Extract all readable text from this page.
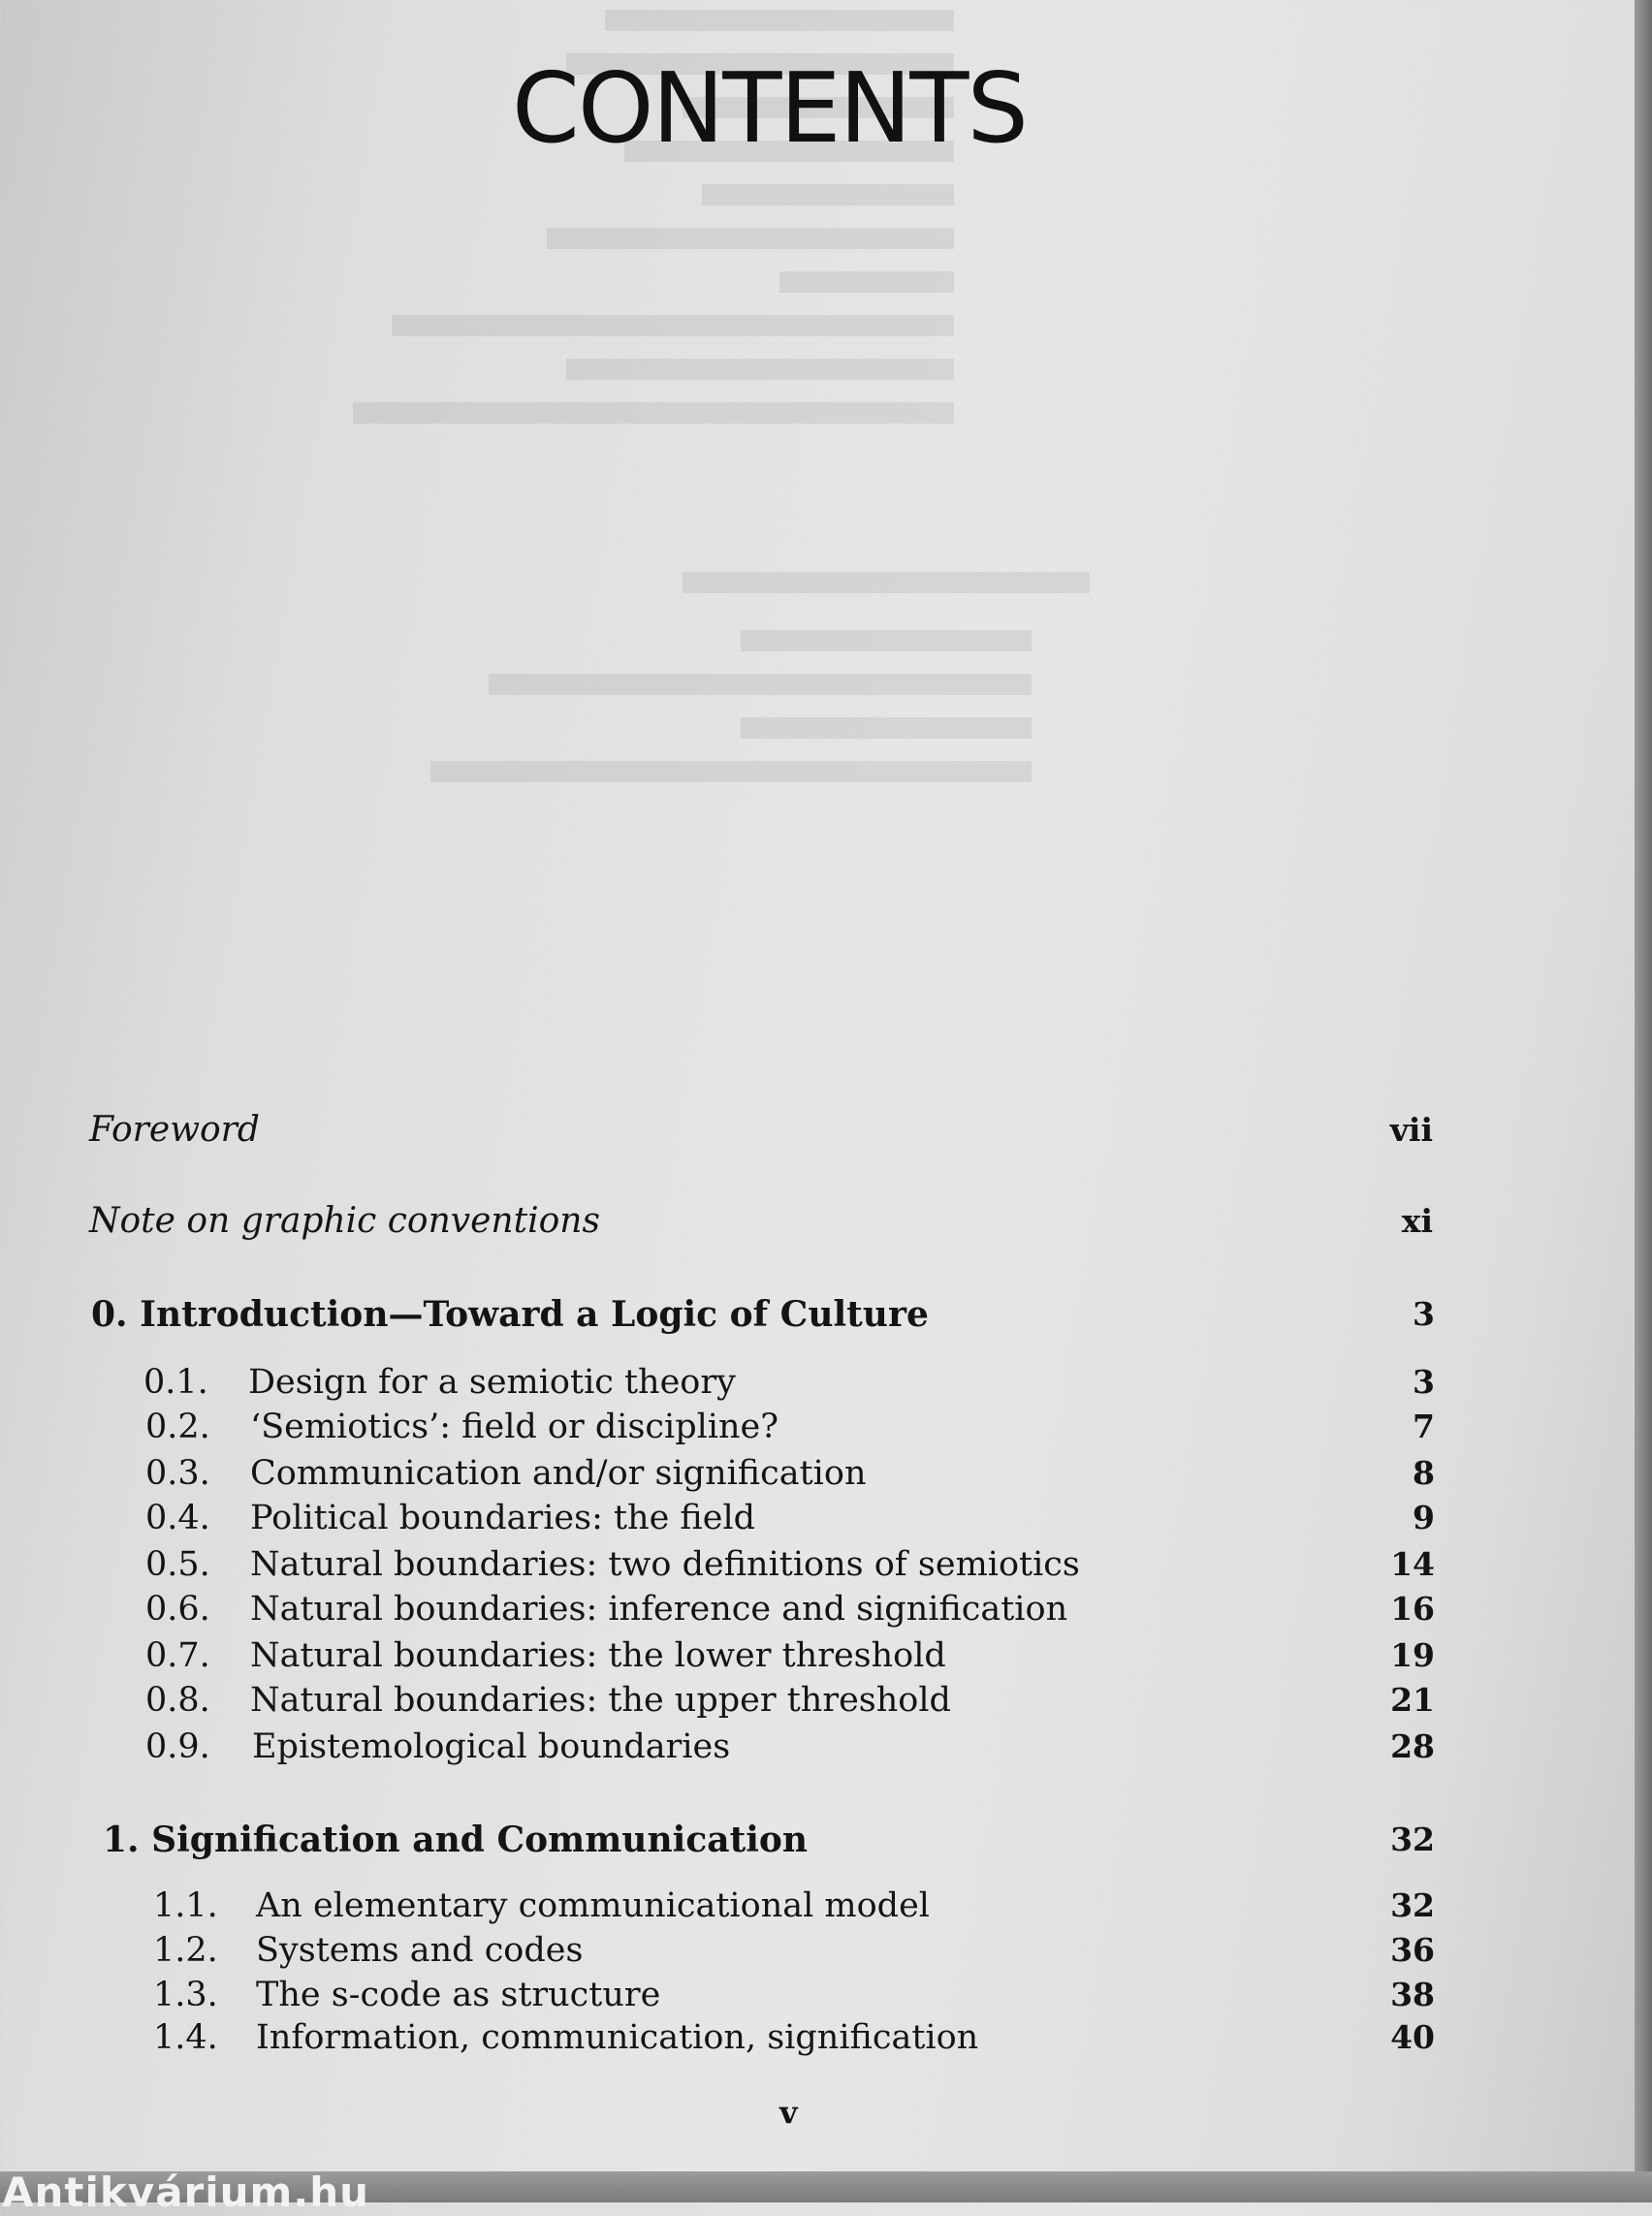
CONTENTS
Foreword	vii
Note on graphic conventions	xi
0. Introduction—Toward a Logic of Culture	3
0.1. Design for a semiotic theory	3
0.2. ‘Semiotics’: field or discipline?	7
0.3. Communication and/or signification	8
0.4. Political boundaries: the field	9
0.5. Natural boundaries: two definitions of semiotics	14
0.6. Natural boundaries: inference and signification	16
0.7. Natural boundaries: the lower threshold	19
0.8. Natural boundaries: the upper threshold	21
0.9. Epistemological boundaries	28
1. Signification and Communication	32
1.1. An elementary communicational model	32
1.2. Systems and codes	36
1.3. The s-code as structure	38
1.4. Information, communication, signification	40
v
Antikvárium.hu
